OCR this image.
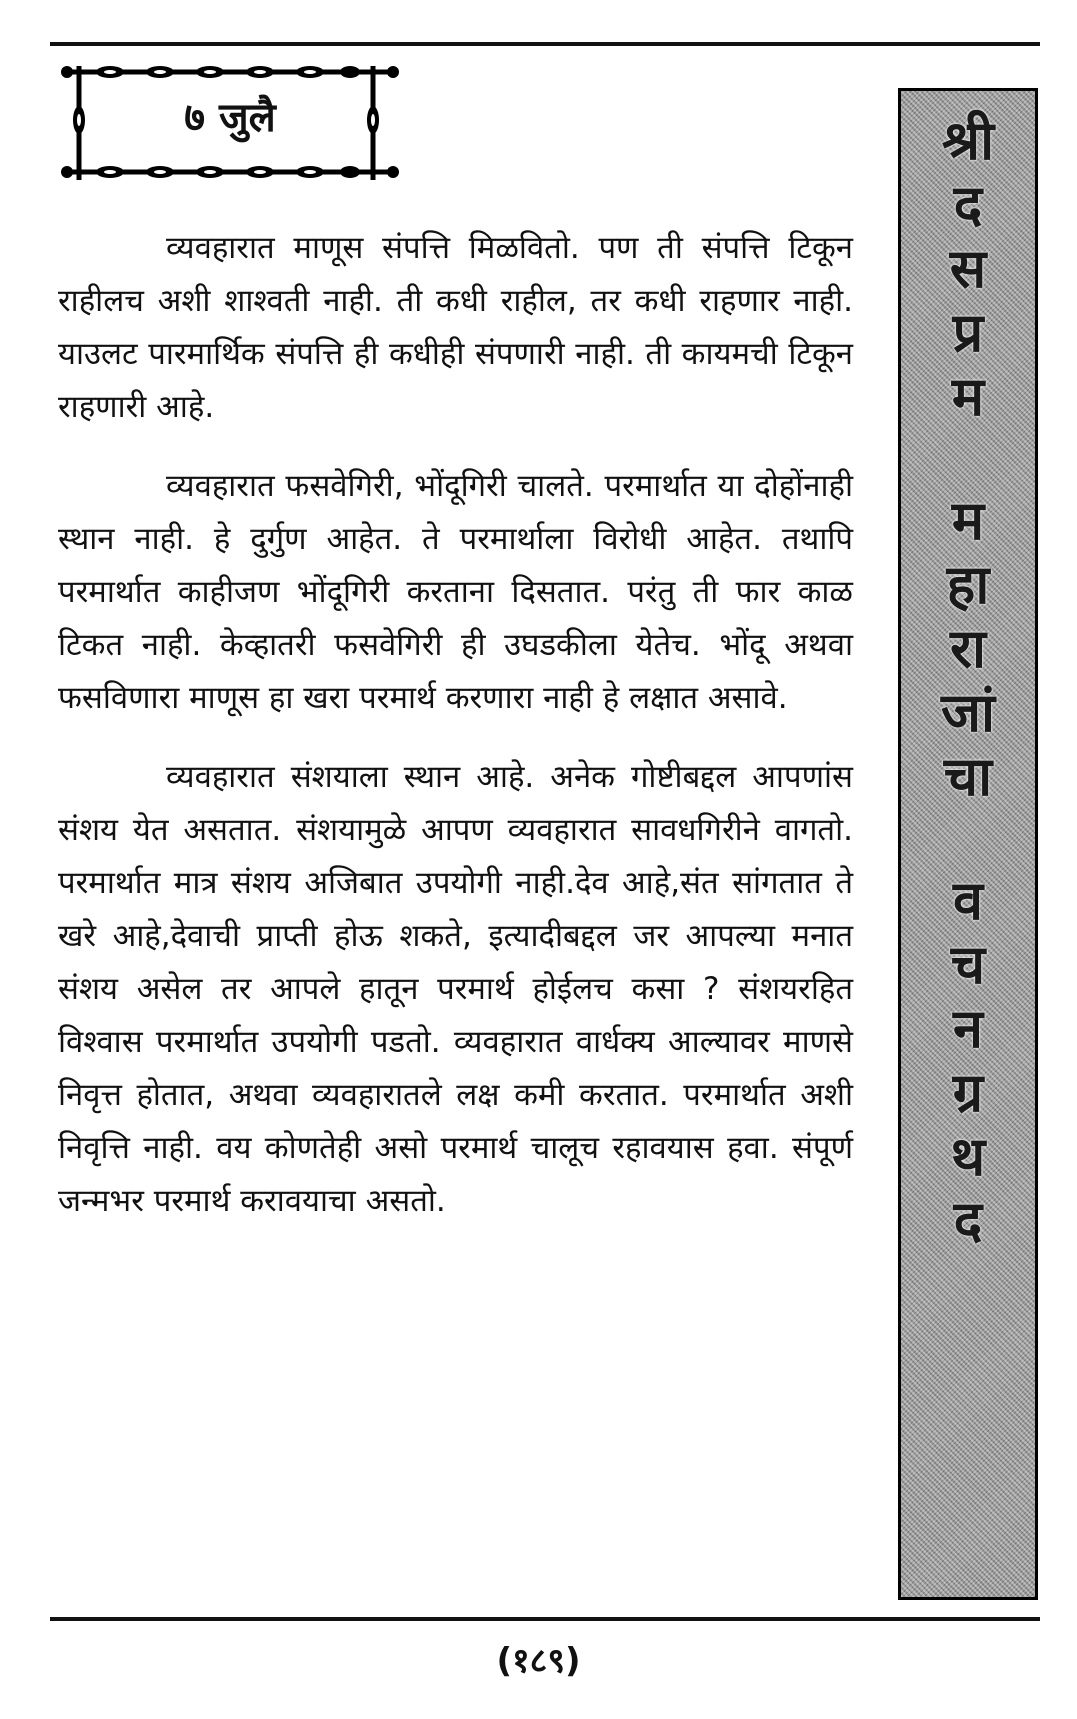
७ जुलै

व्यवहारात माणूस संपत्ति मिळवितो. पण ती संपत्ति टिकून राहीलच अशी शाश्वती नाही. ती कधी राहील, तर कधी राहणार नाही. याउलट पारमार्थिक संपत्ति ही कधीही संपणारी नाही. ती कायमची टिकून राहणारी आहे.

व्यवहारात फसवेगिरी, भोंदूगिरी चालते. परमार्थात या दोहोंनाही स्थान नाही. हे दुर्गुण आहेत. ते परमार्थाला विरोधी आहेत. तथापि परमार्थात काहीजण भोंदूगिरी करताना दिसतात. परंतु ती फार काळ टिकत नाही. केव्हातरी फसवेगिरी ही उघडकीला येतेच. भोंदू अथवा फसविणारा माणूस हा खरा परमार्थ करणारा नाही हे लक्षात असावे.

व्यवहारात संशयाला स्थान आहे. अनेक गोष्टीबद्दल आपणांस संशय येत असतात. संशयामुळे आपण व्यवहारात सावधगिरीने वागतो. परमार्थात मात्र संशय अजिबात उपयोगी नाही.देव आहे,संत सांगतात ते खरे आहे,देवाची प्राप्ती होऊ शकते, इत्यादीबद्दल जर आपल्या मनात संशय असेल तर आपले हातून परमार्थ होईलच कसा ? संशयरहित विश्वास परमार्थात उपयोगी पडतो. व्यवहारात वार्धक्य आल्यावर माणसे निवृत्त होतात, अथवा व्यवहारातले लक्ष कमी करतात. परमार्थात अशी निवृत्ति नाही. वय कोणतेही असो परमार्थ चालूच रहावयास हवा. संपूर्ण जन्मभर परमार्थ करावयाचा असतो.

श्री
द
स
प्र
म
म
हा
रा
जां
चा
व
च
न
ग्र
थ
द
(१८९)
